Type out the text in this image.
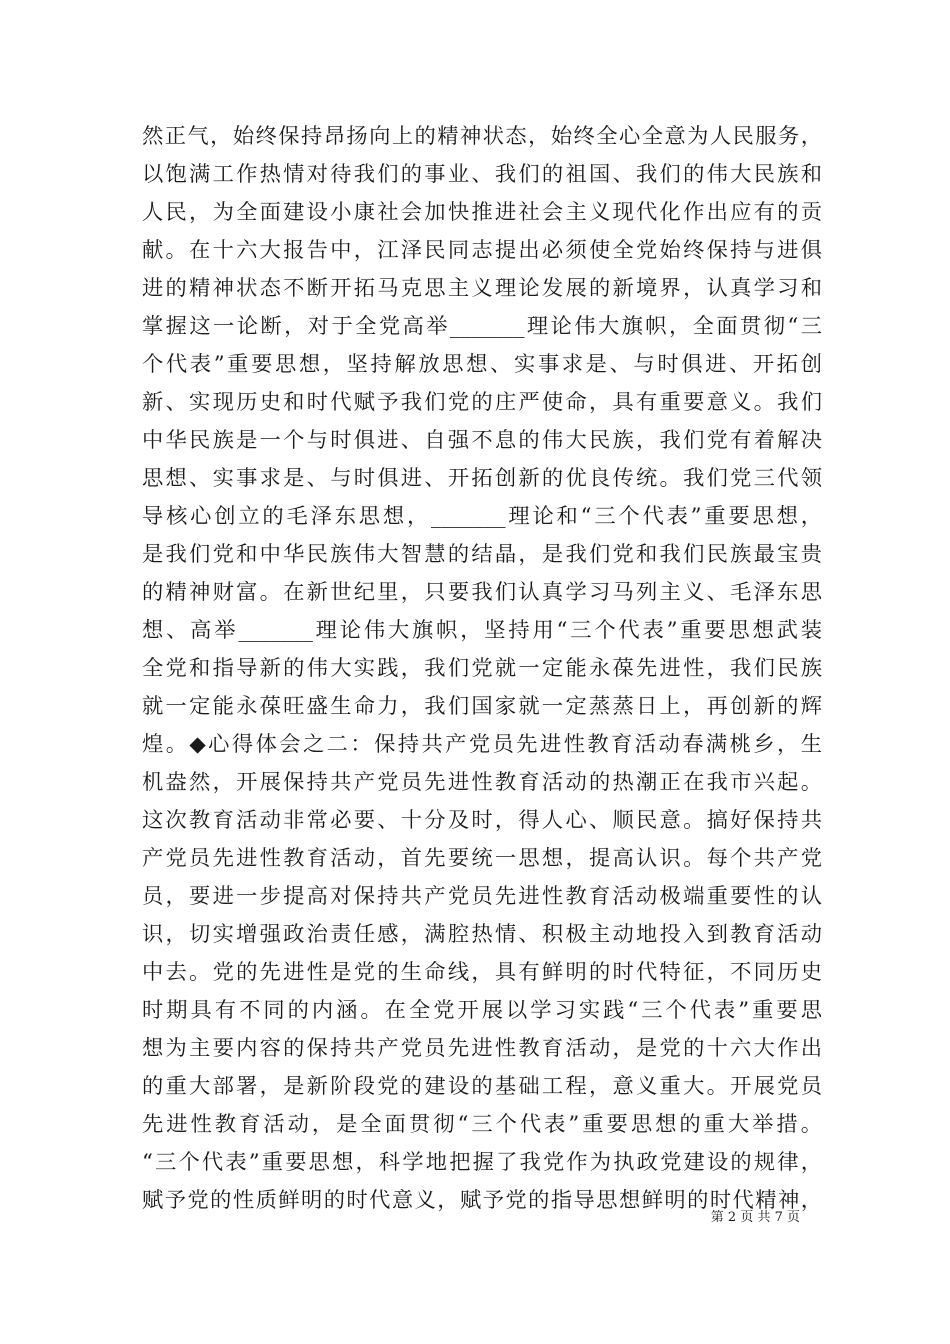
然正气，始终保持昂扬向上的精神状态，始终全心全意为人民服务，
以饱满工作热情对待我们的事业、我们的祖国、我们的伟大民族和
人民，为全面建设小康社会加快推进社会主义现代化作出应有的贡
献。在十六大报告中，江泽民同志提出必须使全党始终保持与进俱
进的精神状态不断开拓马克思主义理论发展的新境界，认真学习和
掌握这一论断，对于全党高举_______理论伟大旗帜，全面贯彻“三
个代表”重要思想，坚持解放思想、实事求是、与时俱进、开拓创
新、实现历史和时代赋予我们党的庄严使命，具有重要意义。我们
中华民族是一个与时俱进、自强不息的伟大民族，我们党有着解决
思想、实事求是、与时俱进、开拓创新的优良传统。我们党三代领
导核心创立的毛泽东思想，_______理论和“三个代表”重要思想，
是我们党和中华民族伟大智慧的结晶，是我们党和我们民族最宝贵
的精神财富。在新世纪里，只要我们认真学习马列主义、毛泽东思
想、高举_______理论伟大旗帜，坚持用“三个代表”重要思想武装
全党和指导新的伟大实践，我们党就一定能永葆先进性，我们民族
就一定能永葆旺盛生命力，我们国家就一定蒸蒸日上，再创新的辉
煌。◆心得体会之二：保持共产党员先进性教育活动春满桃乡，生
机盎然，开展保持共产党员先进性教育活动的热潮正在我市兴起。
这次教育活动非常必要、十分及时，得人心、顺民意。搞好保持共
产党员先进性教育活动，首先要统一思想，提高认识。每个共产党
员，要进一步提高对保持共产党员先进性教育活动极端重要性的认
识，切实增强政治责任感，满腔热情、积极主动地投入到教育活动
中去。党的先进性是党的生命线，具有鲜明的时代特征，不同历史
时期具有不同的内涵。在全党开展以学习实践“三个代表”重要思
想为主要内容的保持共产党员先进性教育活动，是党的十六大作出
的重大部署，是新阶段党的建设的基础工程，意义重大。开展党员
先进性教育活动，是全面贯彻“三个代表”重要思想的重大举措。
“三个代表”重要思想，科学地把握了我党作为执政党建设的规律，
赋予党的性质鲜明的时代意义，赋予党的指导思想鲜明的时代精神，
第 2 页 共 7 页
